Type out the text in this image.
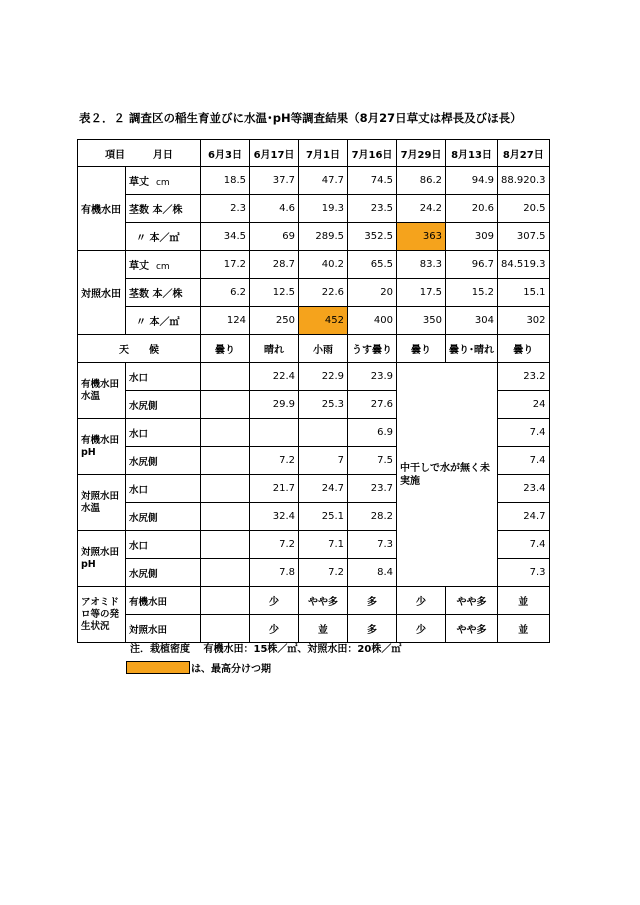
表２．２ 調査区の稲生育並びに水温･pH等調査結果（8月27日草丈は桿長及びほ長）
項目 月日		6月3日	6月17日	7月1日	7月16日	7月29日	8月13日	8月27日
有機水田	草丈 cm	18.5	37.7	47.7	74.5	86.2	94.9	88.9 20.3

	茎数 本／株	2.3	4.6	19.3	23.5	24.2	20.6	20.5
	〃 本／㎡	34.5	69	289.5	352.5	363	309	307.5
対照水田	草丈 cm	17.2	28.7	40.2	65.5	83.3	96.7	84.5 19.3

	茎数 本／株	6.2	12.5	22.6	20	17.5	15.2	15.1
	〃 本／㎡	124	250	452	400	350	304	302
天　　候		曇り	晴れ	小雨	うす曇り	曇り	曇り･晴れ	曇り
有機水田水温	水口		22.4	22.9	23.9	中干しで水が無く未実施		23.2
	水尻側		29.9	25.3	27.6			24
有機水田pH	水口				6.9			7.4
	水尻側		7.2	7	7.5			7.4
対照水田水温	水口		21.7	24.7	23.7			23.4
	水尻側		32.4	25.1	28.2			24.7
対照水田pH	水口		7.2	7.1	7.3			7.4
	水尻側		7.8	7.2	8.4			7.3
アオミドロ等の発生状況	有機水田		少	やや多	多	少	やや多	並
	対照水田		少	並	多	少	やや多	並
注．栽植密度　 有機水田：15株／㎡、対照水田：20株／㎡
は、最高分けつ期
